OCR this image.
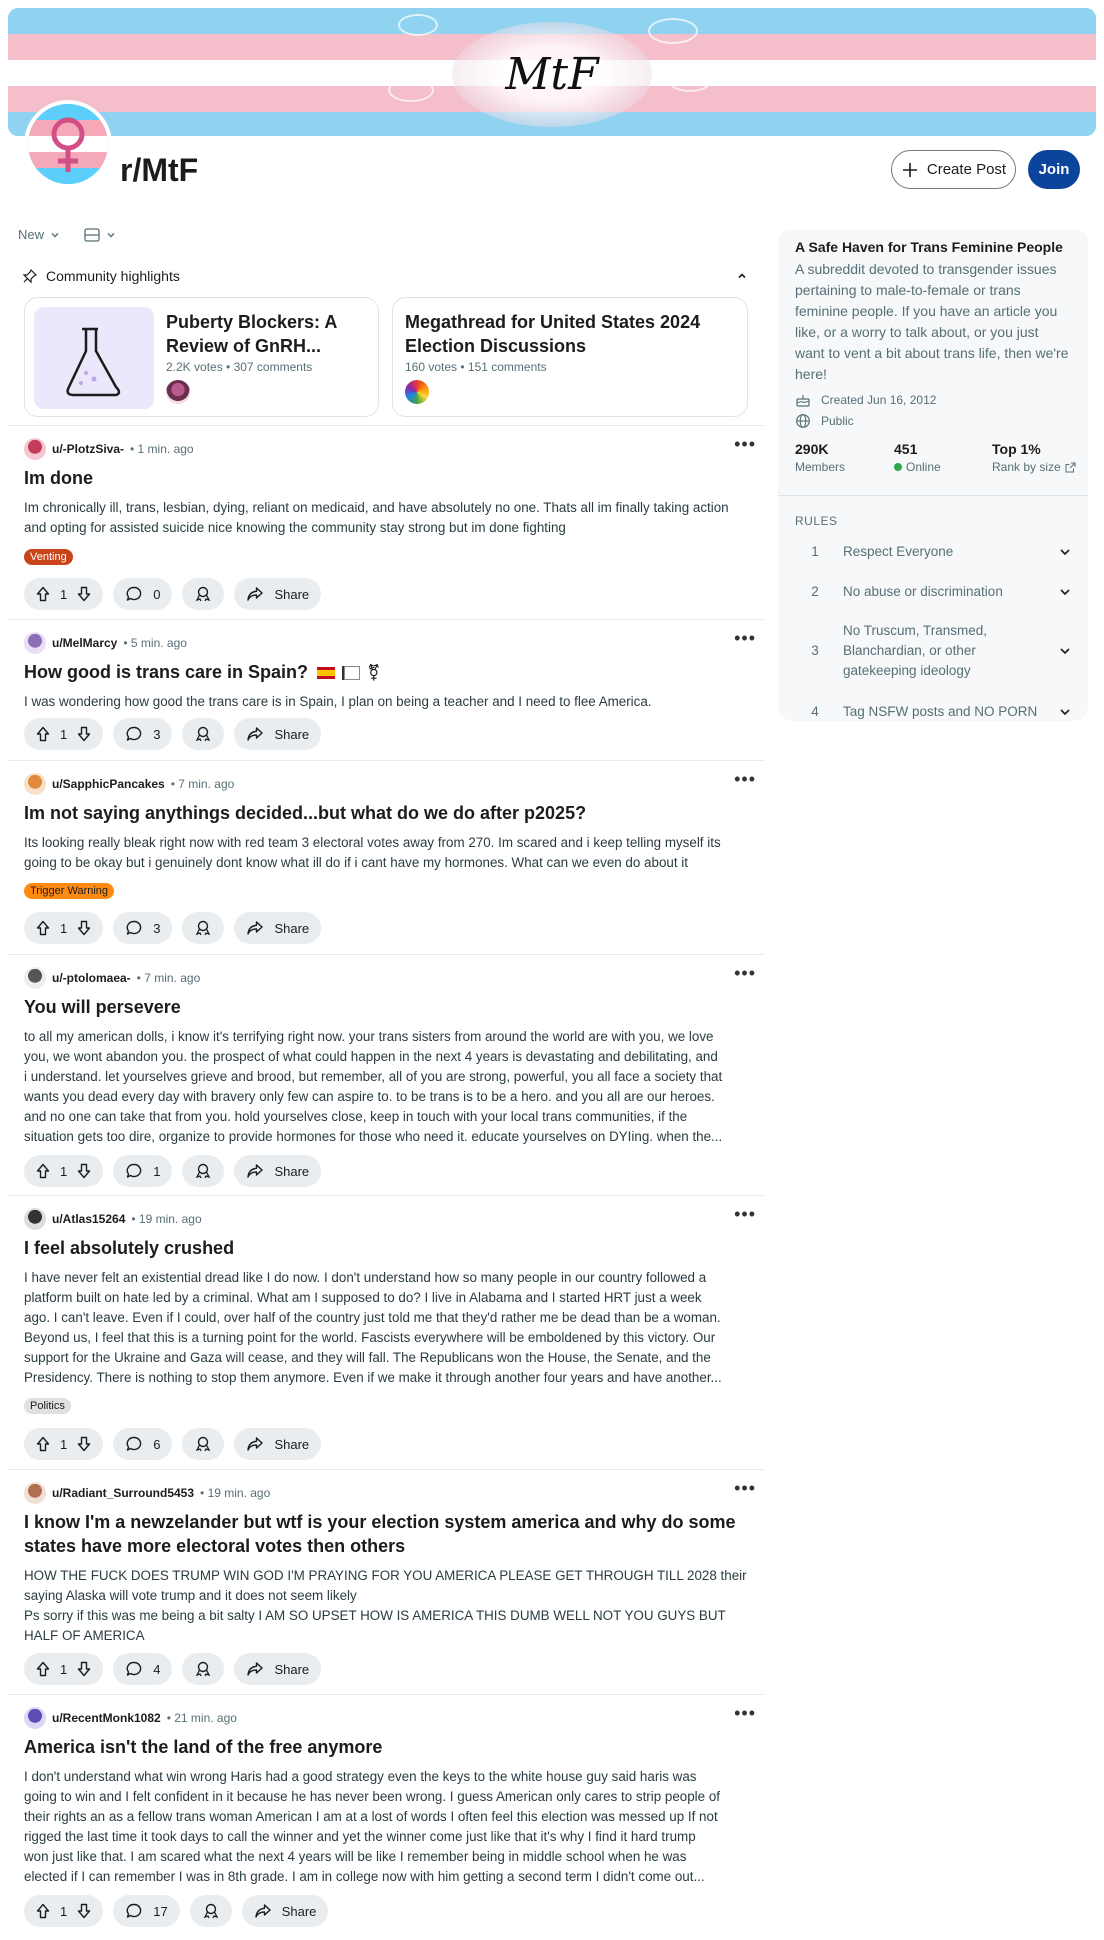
MtF
r/MtF	Create Post	Join
New
Community highlights
Puberty Blockers: A
Review of GnRH...
2.2K votes • 307 comments
Megathread for United States 2024
Election Discussions
160 votes • 151 comments
u/-PlotzSiva- • 1 min. ago	•••
Im done
Im chronically ill, trans, lesbian, dying, reliant on medicaid, and have absolutely no one. Thats all im finally taking action
and opting for assisted suicide nice knowing the community stay strong but im done fighting
Venting
1	0	Share
u/MelMarcy • 5 min. ago	•••
How good is trans care in Spain?	⚧
I was wondering how good the trans care is in Spain, I plan on being a teacher and I need to flee America.
1	3	Share
u/SapphicPancakes • 7 min. ago	•••
Im not saying anythings decided...but what do we do after p2025?
Its looking really bleak right now with red team 3 electoral votes away from 270. Im scared and i keep telling myself its
going to be okay but i genuinely dont know what ill do if i cant have my hormones. What can we even do about it
Trigger Warning
1	3	Share
u/-ptolomaea- • 7 min. ago	•••
You will persevere
to all my american dolls, i know it's terrifying right now. your trans sisters from around the world are with you, we love
you, we wont abandon you. the prospect of what could happen in the next 4 years is devastating and debilitating, and
i understand. let yourselves grieve and brood, but remember, all of you are strong, powerful, you all face a society that
wants you dead every day with bravery only few can aspire to. to be trans is to be a hero. and you all are our heroes.
and no one can take that from you. hold yourselves close, keep in touch with your local trans communities, if the
situation gets too dire, organize to provide hormones for those who need it. educate yourselves on DYIing. when the...
1	1	Share
u/Atlas15264 • 19 min. ago	•••
I feel absolutely crushed
I have never felt an existential dread like I do now. I don't understand how so many people in our country followed a
platform built on hate led by a criminal. What am I supposed to do? I live in Alabama and I started HRT just a week
ago. I can't leave. Even if I could, over half of the country just told me that they'd rather me be dead than be a woman.
Beyond us, I feel that this is a turning point for the world. Fascists everywhere will be emboldened by this victory. Our
support for the Ukraine and Gaza will cease, and they will fall. The Republicans won the House, the Senate, and the
Presidency. There is nothing to stop them anymore. Even if we make it through another four years and have another...
Politics
1	6	Share
u/Radiant_Surround5453 • 19 min. ago	•••
I know I'm a newzelander but wtf is your election system america and why do some
states have more electoral votes then others
HOW THE FUCK DOES TRUMP WIN GOD I'M PRAYING FOR YOU AMERICA PLEASE GET THROUGH TILL 2028 their
saying Alaska will vote trump and it does not seem likely
Ps sorry if this was me being a bit salty I AM SO UPSET HOW IS AMERICA THIS DUMB WELL NOT YOU GUYS BUT
HALF OF AMERICA
1	4	Share
u/RecentMonk1082 • 21 min. ago	•••
America isn't the land of the free anymore
I don't understand what win wrong Haris had a good strategy even the keys to the white house guy said haris was
going to win and I felt confident in it because he has never been wrong. I guess American only cares to strip people of
their rights an as a fellow trans woman American I am at a lost of words I often feel this election was messed up If not
rigged the last time it took days to call the winner and yet the winner come just like that it's why I find it hard trump
won just like that. I am scared what the next 4 years will be like I remember being in middle school when he was
elected if I can remember I was in 8th grade. I am in college now with him getting a second term I didn't come out...
1	17	Share
A Safe Haven for Trans Feminine People
A subreddit devoted to transgender issues
pertaining to male-to-female or trans
feminine people. If you have an article you
like, or a worry to talk about, or you just
want to vent a bit about trans life, then we're
here!
Created Jun 16, 2012
Public
290K
Members
451
Online
Top 1%
Rank by size
RULES
1	Respect Everyone
2	No abuse or discrimination
3
No Truscum, Transmed,
Blanchardian, or other
gatekeeping ideology
4	Tag NSFW posts and NO PORN
